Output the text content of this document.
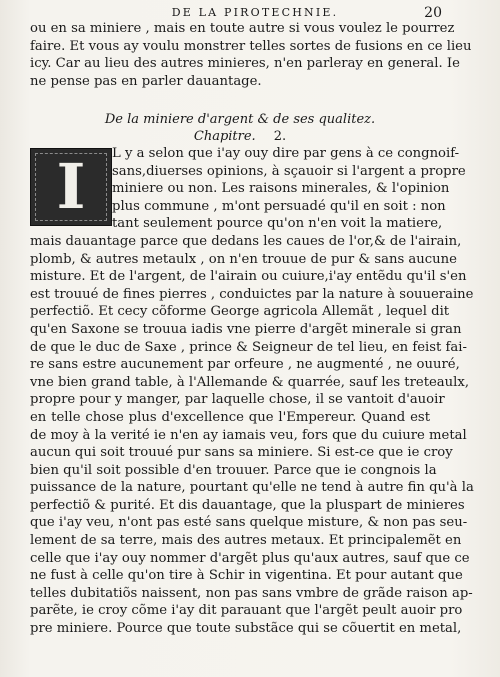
DE LA PIROTECHNIE.	20
ou en sa miniere , mais en toute autre si vous voulez le pourrez
faire. Et vous ay voulu monstrer telles sortes de fusions en ce lieu
icy. Car au lieu des autres minieres, n'en parleray en general. Ie
ne pense pas en parler dauantage.
De la miniere d'argent & de ses qualitez.
Chapitre. 2.
I	L y a selon que i'ay ouy dire par gens à ce congnoif-
sans,diuerses opinions, à sçauoir si l'argent a propre
miniere ou non. Les raisons minerales, & l'opinion
plus commune , m'ont persuadé qu'il en soit : non
tant seulement pource qu'on n'en voit la matiere,
mais dauantage parce que dedans les caues de l'or,& de l'airain,
plomb, & autres metaulx , on n'en trouue de pur & sans aucune
misture. Et de l'argent, de l'airain ou cuiure,i'ay entẽdu qu'il s'en
est trouué de fines pierres , conduictes par la nature à souueraine
perfectiõ. Et cecy cõforme George agricola Allemãt , lequel dit
qu'en Saxone se trouua iadis vne pierre d'argẽt minerale si gran
de que le duc de Saxe , prince & Seigneur de tel lieu, en feist fai-
re sans estre aucunement par orfeure , ne augmenté , ne ouuré,
vne bien grand table, à l'Allemande & quarrée, sauf les treteaulx,
propre pour y manger, par laquelle chose, il se vantoit d'auoir
en telle chose plus d'excellence que l'Empereur. Quand est
de moy à la verité ie n'en ay iamais veu, fors que du cuiure metal
aucun qui soit trouué pur sans sa miniere. Si est-ce que ie croy
bien qu'il soit possible d'en trouuer. Parce que ie congnois la
puissance de la nature, pourtant qu'elle ne tend à autre fin qu'à la
perfectiõ & purité. Et dis dauantage, que la pluspart de minieres
que i'ay veu, n'ont pas esté sans quelque misture, & non pas seu-
lement de sa terre, mais des autres metaux. Et principalemẽt en
celle que i'ay ouy nommer d'argẽt plus qu'aux autres, sauf que ce
ne fust à celle qu'on tire à Schir in vigentina. Et pour autant que
telles dubitatiõs naissent, non pas sans vmbre de grãde raison ap-
parẽte, ie croy cõme i'ay dit parauant que l'argẽt peult auoir pro
pre miniere. Pource que toute substãce qui se cõuertit en metal,
